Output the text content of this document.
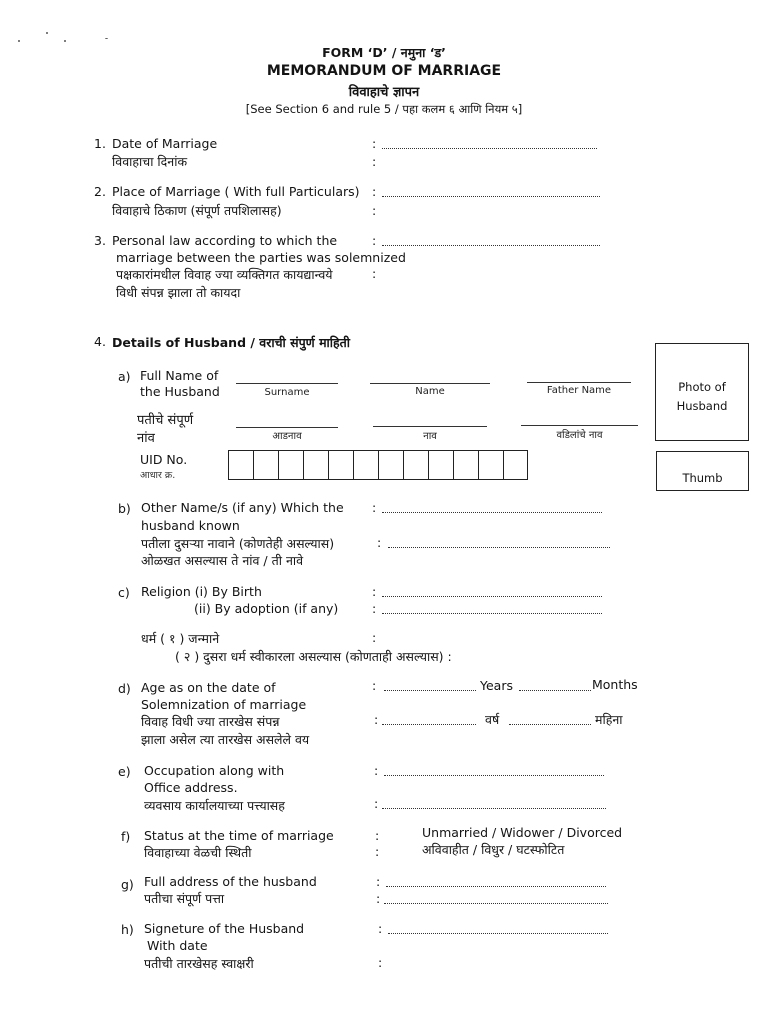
FORM ‘D’ / नमुना ‘ड’
MEMORANDUM OF MARRIAGE
विवाहाचे ज्ञापन
[See Section 6 and rule 5 / पहा कलम ६ आणि नियम ५]
1. Date of Marriage
विवाहाचा दिनांक
:
:
2. Place of Marriage ( With full Particulars)
विवाहाचे ठिकाण (संपूर्ण तपशिलासह)
:
:
3. Personal law according to which the
marriage between the parties was solemnized
पक्षकारांमधील विवाह ज्या व्यक्तिगत कायद्यान्वये	:
विधी संपन्न झाला तो कायदा
:
4. Details of Husband / वराची संपुर्ण माहिती
Photo of
Husband
Thumb
a) Full Name of
the Husband
पतीचे संपूर्ण
नांव
Surname	Name	Father Name
आडनाव	नाव	वडिलांचे नाव
UID No.
आधार क्र.
b) Other Name/s (if any) Which the
husband known
पतीला दुसऱ्या नावाने (कोणतेही असल्यास)
ओळखत असल्यास ते नांव / ती नावे
:
:
c) Religion (i) By Birth
(ii) By adoption (if any)
:
:
धर्म ( १ ) जन्माने	:
( २ ) दुसरा धर्म स्वीकारला असल्यास (कोणताही असल्यास) :
d) Age as on the date of
Solemnization of marriage
विवाह विधी ज्या तारखेस संपन्न
झाला असेल त्या तारखेस असलेले वय
:	Years	Months
:	वर्ष	महिना
e) Occupation along with
Office address.
व्यवसाय कार्यालयाच्या पत्त्यासह
:
:
f) Status at the time of marriage
विवाहाच्या वेळची स्थिती
:
:
Unmarried / Widower / Divorced
अविवाहीत / विधुर / घटस्फोटित
g) Full address of the husband
पतीचा संपूर्ण पत्ता
:
:
h) Signeture of the Husband
With date
पतीची तारखेसह स्वाक्षरी
:
:
